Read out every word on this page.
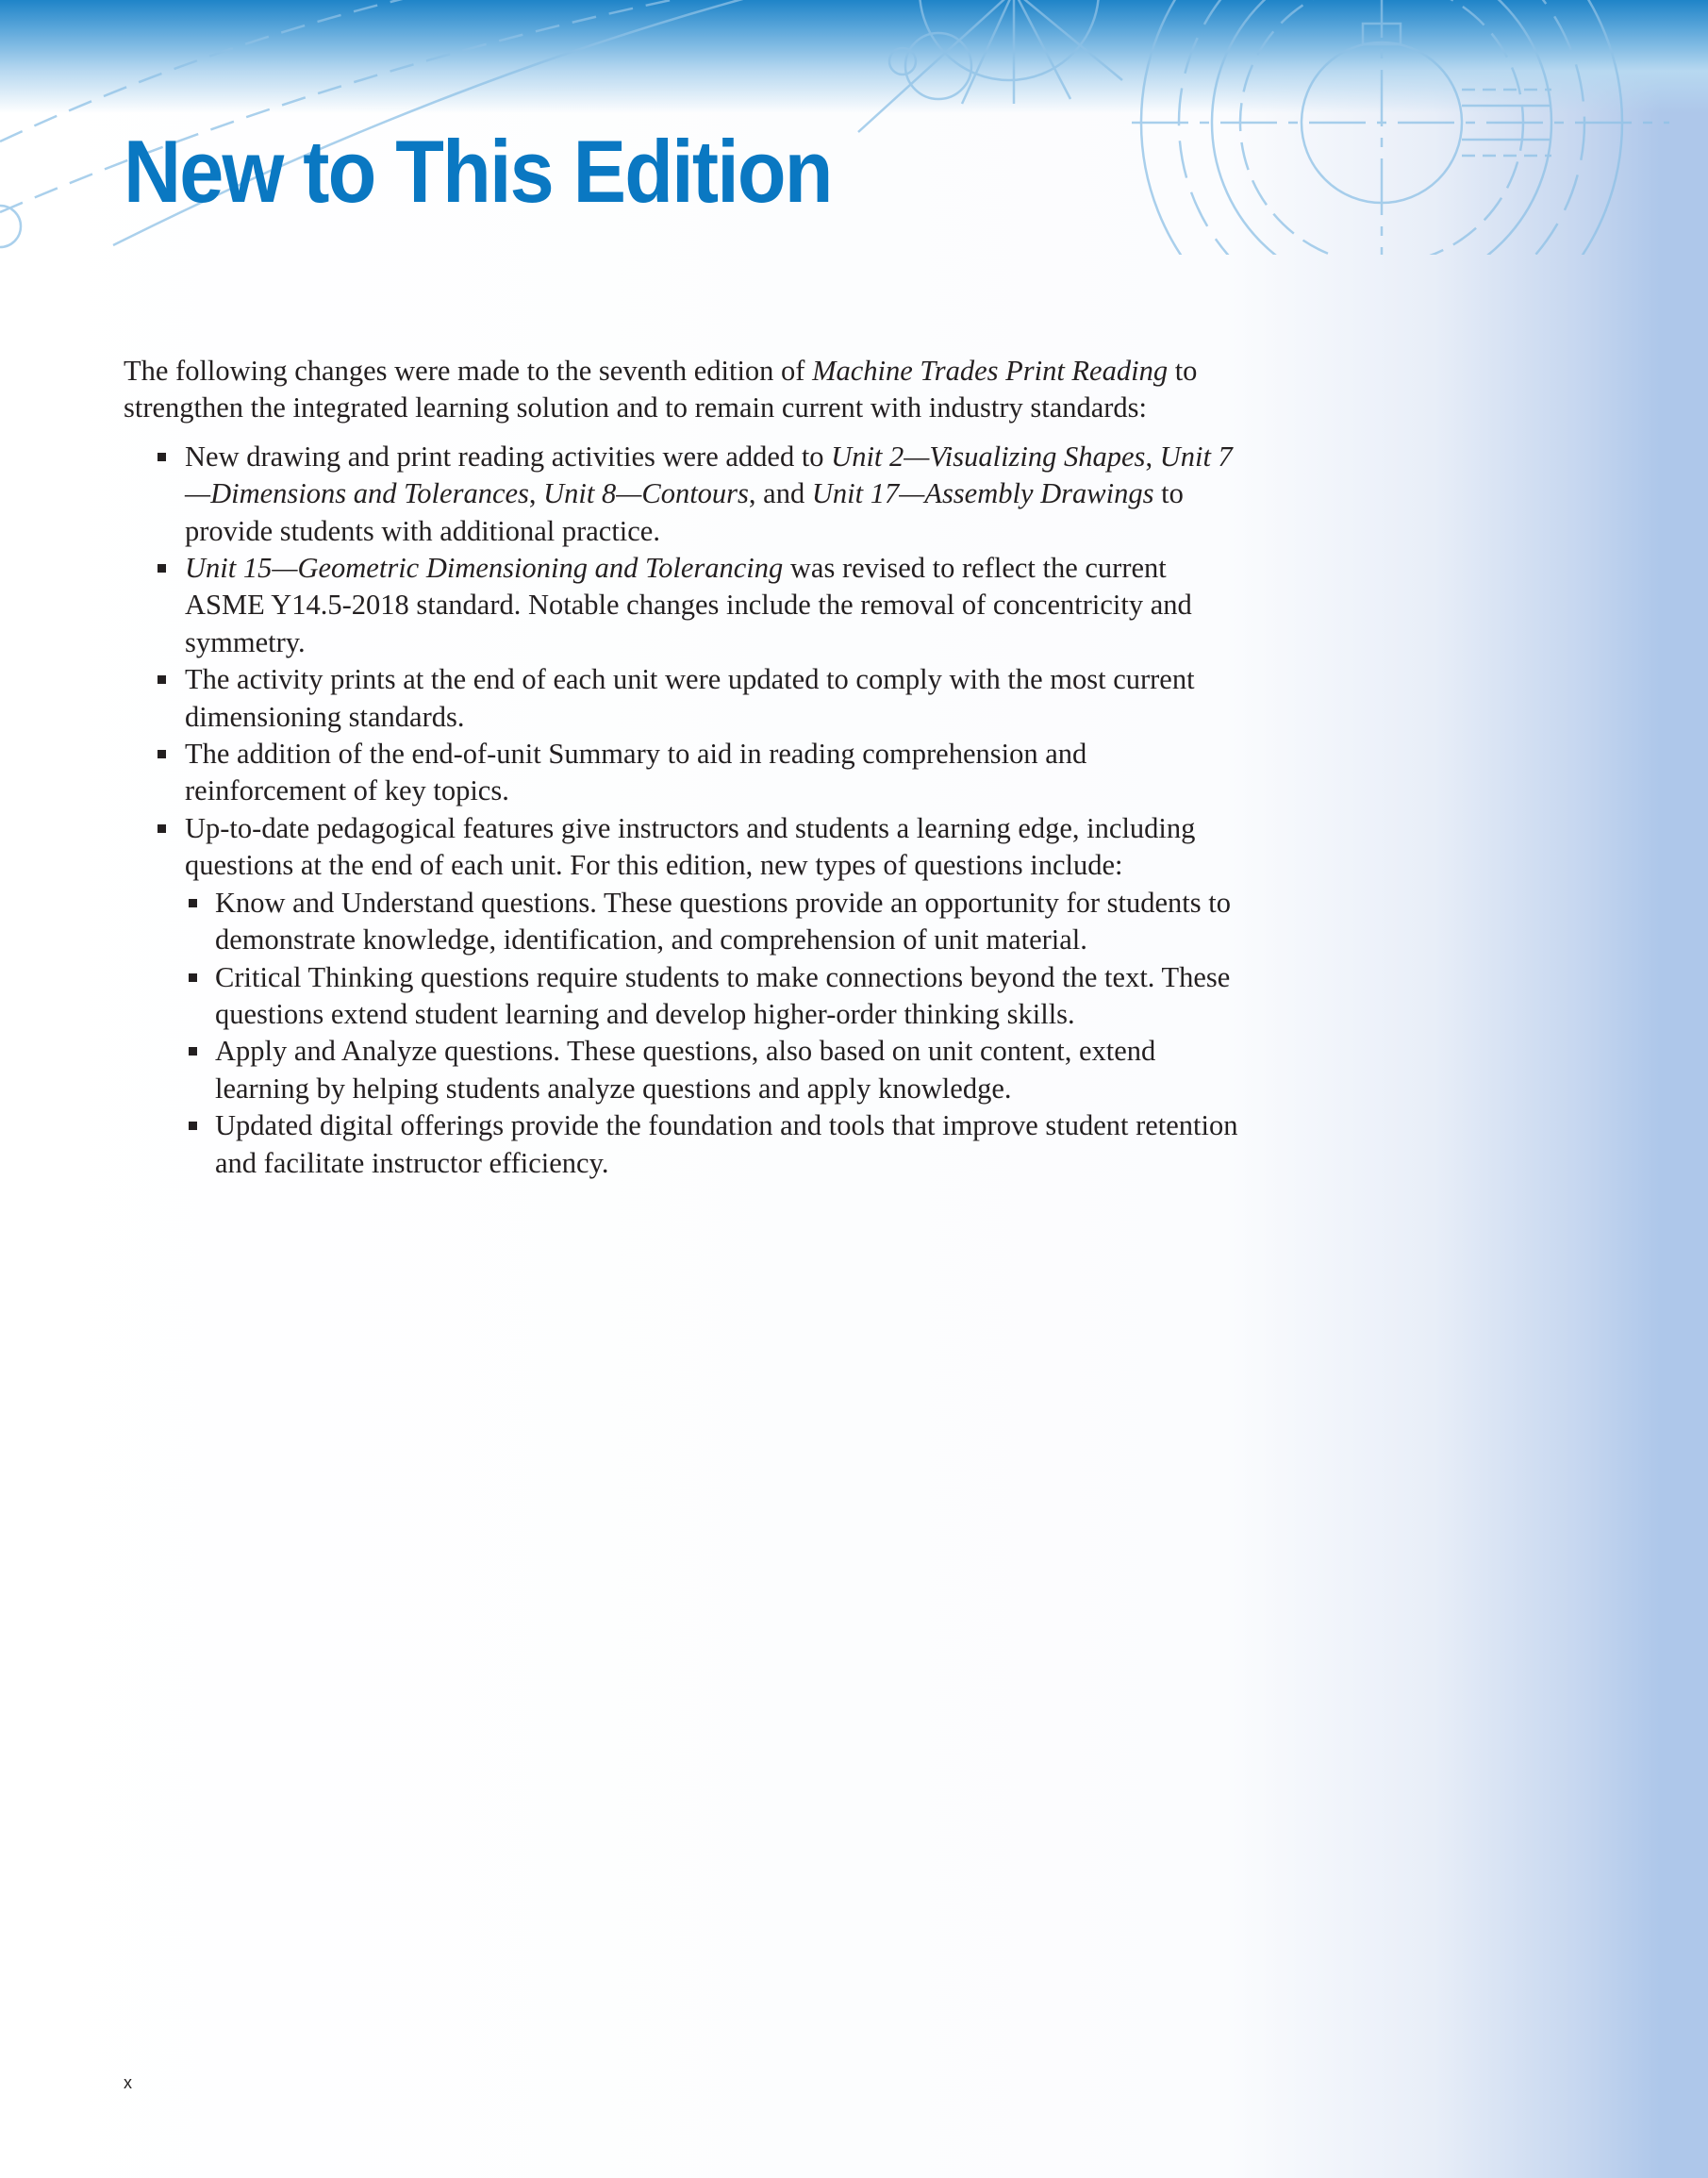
New to This Edition

The following changes were made to the seventh edition of Machine Trades Print Reading to strengthen the integrated learning solution and to remain current with industry standards:

New drawing and print reading activities were added to Unit 2—Visualizing Shapes, Unit 7—Dimensions and Tolerances, Unit 8—Contours, and Unit 17—Assembly Drawings to provide students with additional practice.
Unit 15—Geometric Dimensioning and Tolerancing was revised to reflect the current ASME Y14.5-2018 standard. Notable changes include the removal of concentricity and symmetry.
The activity prints at the end of each unit were updated to comply with the most current dimensioning standards.
The addition of the end-of-unit Summary to aid in reading comprehension and reinforcement of key topics.
Up-to-date pedagogical features give instructors and students a learning edge, including questions at the end of each unit. For this edition, new types of questions include:
Know and Understand questions. These questions provide an opportunity for students to demonstrate knowledge, identification, and comprehension of unit material.
Critical Thinking questions require students to make connections beyond the text. These questions extend student learning and develop higher-order thinking skills.
Apply and Analyze questions. These questions, also based on unit content, extend learning by helping students analyze questions and apply knowledge.
Updated digital offerings provide the foundation and tools that improve student retention and facilitate instructor efficiency.
x
